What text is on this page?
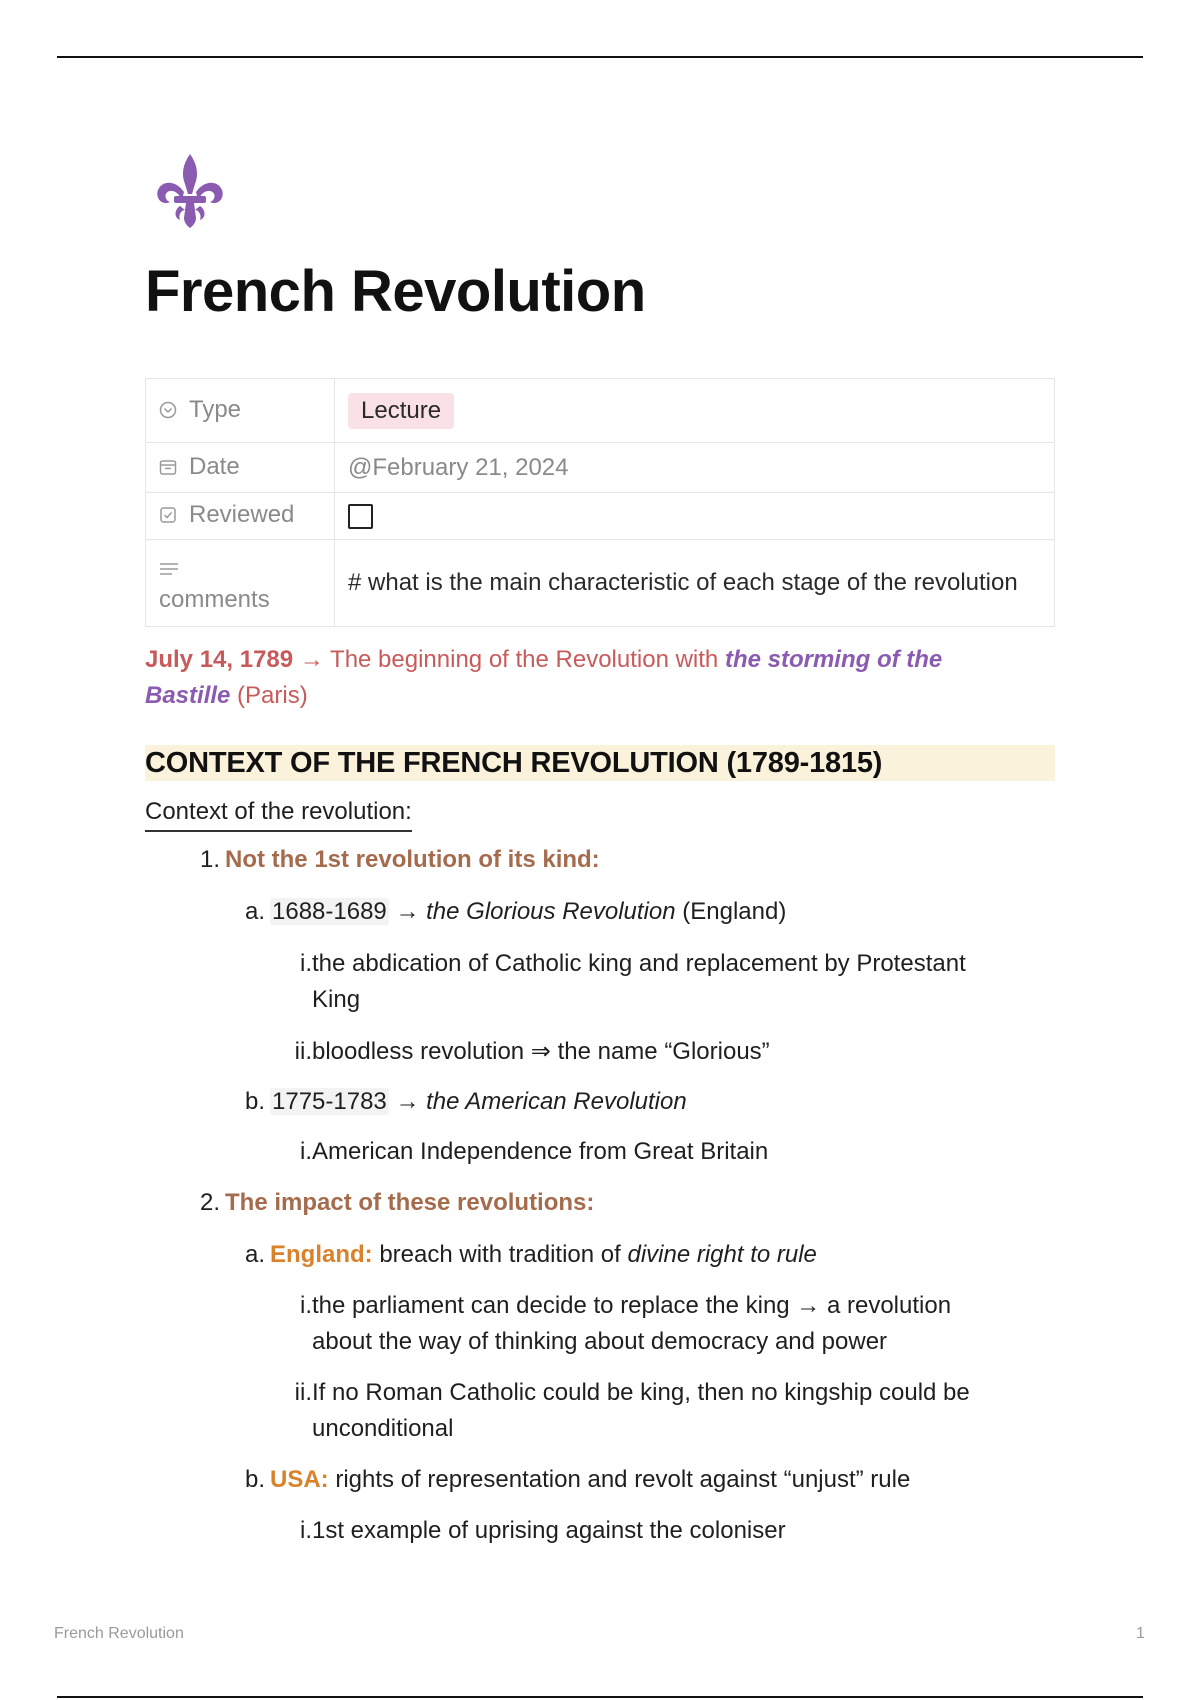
French Revolution
Type	Lecture

Date	@February 21, 2024

Reviewed	

comments	# what is the main characteristic of each stage of the revolution
July 14, 1789 → The beginning of the Revolution with the storming of the Bastille (Paris)
CONTEXT OF THE FRENCH REVOLUTION (1789-1815)
Context of the revolution:
1. Not the 1st revolution of its kind:
a. 1688-1689 → the Glorious Revolution (England)
i. the abdication of Catholic king and replacement by Protestant
King
ii. bloodless revolution ⇒ the name “Glorious”
b. 1775-1783 → the American Revolution
i. American Independence from Great Britain
2. The impact of these revolutions:
a. England: breach with tradition of divine right to rule
i. the parliament can decide to replace the king → a revolution
about the way of thinking about democracy and power
ii. If no Roman Catholic could be king, then no kingship could be
unconditional
b. USA: rights of representation and revolt against “unjust” rule
i. 1st example of uprising against the coloniser
French Revolution	1
